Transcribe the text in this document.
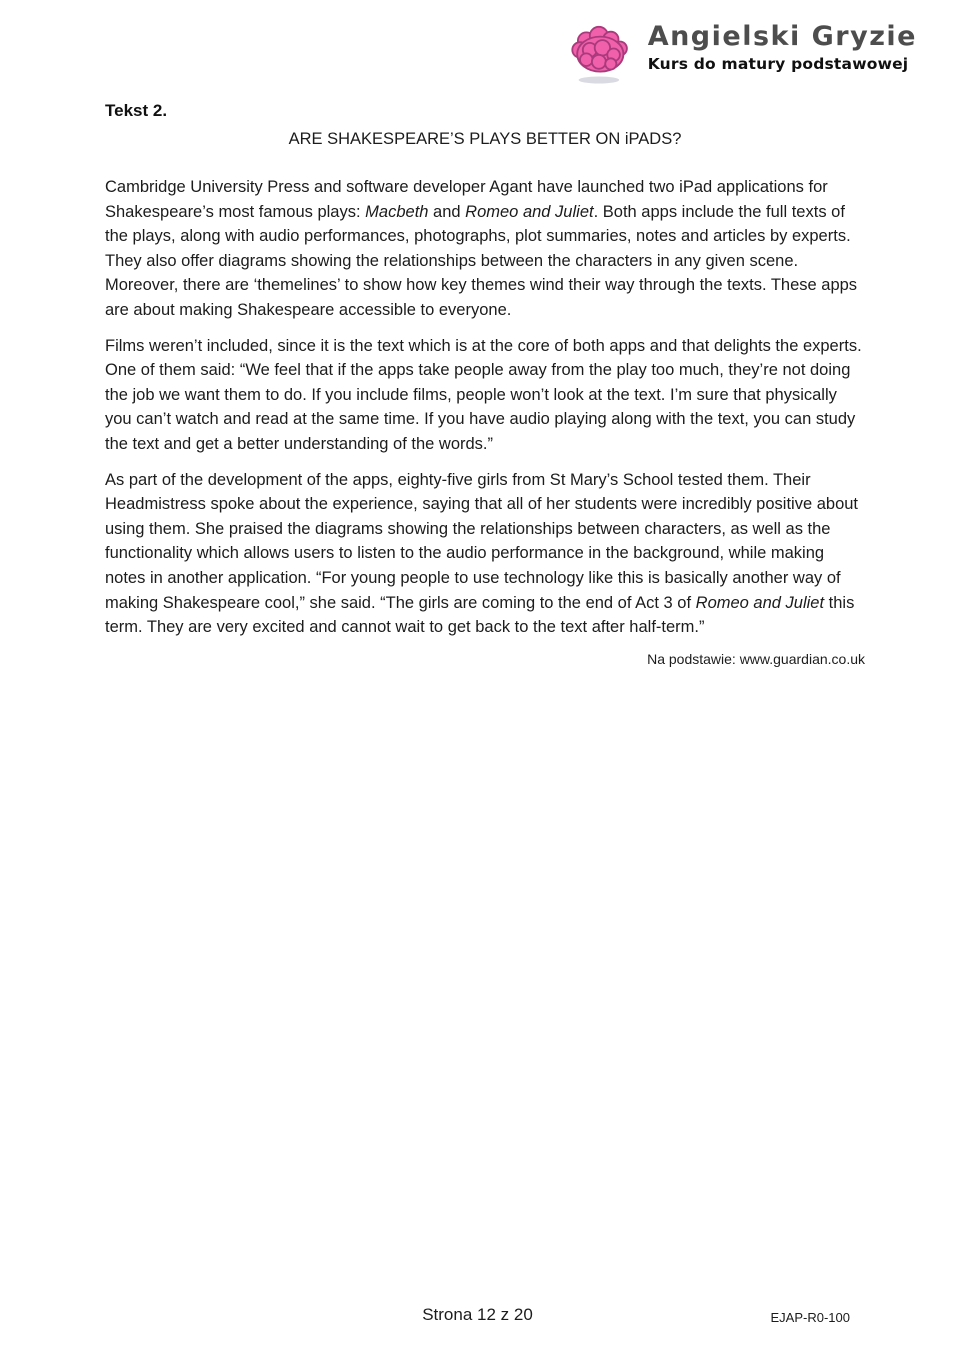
Angielski Gryzie
Kurs do matury podstawowej
Tekst 2.
ARE SHAKESPEARE’S PLAYS BETTER ON iPADS?

Cambridge University Press and software developer Agant have launched two iPad applications for Shakespeare’s most famous plays: Macbeth and Romeo and Juliet. Both apps include the full texts of the plays, along with audio performances, photographs, plot summaries, notes and articles by experts. They also offer diagrams showing the relationships between the characters in any given scene. Moreover, there are ‘themelines’ to show how key themes wind their way through the texts. These apps are about making Shakespeare accessible to everyone.

Films weren’t included, since it is the text which is at the core of both apps and that delights the experts. One of them said: “We feel that if the apps take people away from the play too much, they’re not doing the job we want them to do. If you include films, people won’t look at the text. I’m sure that physically you can’t watch and read at the same time. If you have audio playing along with the text, you can study the text and get a better understanding of the words.”

As part of the development of the apps, eighty-five girls from St Mary’s School tested them. Their Headmistress spoke about the experience, saying that all of her students were incredibly positive about using them. She praised the diagrams showing the relationships between characters, as well as the functionality which allows users to listen to the audio performance in the background, while making notes in another application. “For young people to use technology like this is basically another way of making Shakespeare cool,” she said. “The girls are coming to the end of Act 3 of Romeo and Juliet this term. They are very excited and cannot wait to get back to the text after half-term.”

Na podstawie: www.guardian.co.uk
Strona 12 z 20	EJAP-R0-100
